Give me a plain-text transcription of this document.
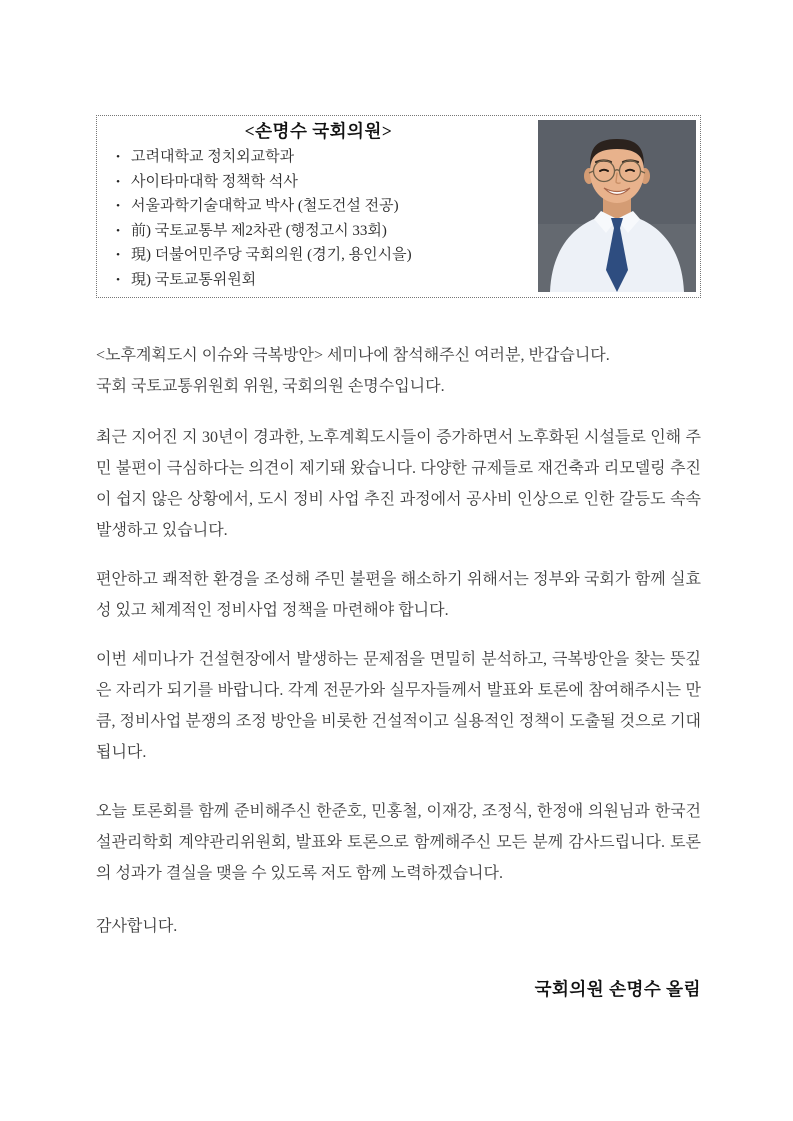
<손명수 국회의원>
• 고려대학교 정치외교학과
• 사이타마대학 정책학 석사
• 서울과학기술대학교 박사 (철도건설 전공)
• 前) 국토교통부 제2차관 (행정고시 33회)
• 現) 더불어민주당 국회의원 (경기, 용인시을)
• 現) 국토교통위원회

<노후계획도시 이슈와 극복방안> 세미나에 참석해주신 여러분, 반갑습니다.

국회 국토교통위원회 위원, 국회의원 손명수입니다.

최근 지어진 지 30년이 경과한, 노후계획도시들이 증가하면서 노후화된 시설들로 인해 주민 불편이 극심하다는 의견이 제기돼 왔습니다. 다양한 규제들로 재건축과 리모델링 추진이 쉽지 않은 상황에서, 도시 정비 사업 추진 과정에서 공사비 인상으로 인한 갈등도 속속 발생하고 있습니다.

편안하고 쾌적한 환경을 조성해 주민 불편을 해소하기 위해서는 정부와 국회가 함께 실효성 있고 체계적인 정비사업 정책을 마련해야 합니다.

이번 세미나가 건설현장에서 발생하는 문제점을 면밀히 분석하고, 극복방안을 찾는 뜻깊은 자리가 되기를 바랍니다. 각계 전문가와 실무자들께서 발표와 토론에 참여해주시는 만큼, 정비사업 분쟁의 조정 방안을 비롯한 건설적이고 실용적인 정책이 도출될 것으로 기대됩니다.

오늘 토론회를 함께 준비해주신 한준호, 민홍철, 이재강, 조정식, 한정애 의원님과 한국건설관리학회 계약관리위원회, 발표와 토론으로 함께해주신 모든 분께 감사드립니다. 토론의 성과가 결실을 맺을 수 있도록 저도 함께 노력하겠습니다.

감사합니다.

국회의원 손명수 올림
